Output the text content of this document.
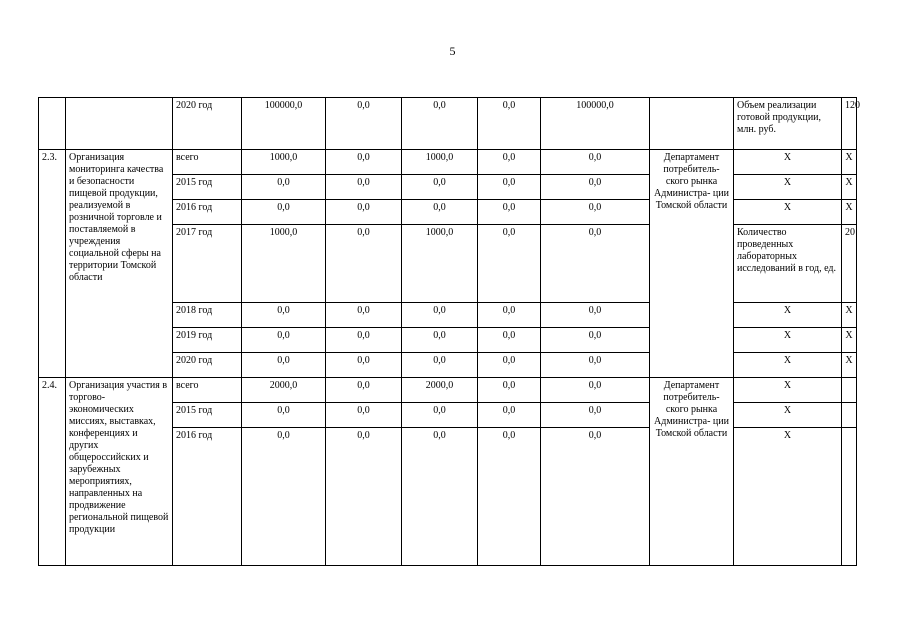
5
		2020 год	100000,0	0,0	0,0	0,0	100000,0		Объем реализации готовой продукции, млн. руб.	120
2.3.	Организация мониторинга качества и безопасности пищевой продукции, реализуемой в розничной торговле и поставляемой в учреждения социальной сферы на территории Томской области	всего	1000,0	0,0	1000,0	0,0	0,0	Департамент потребитель- ского рынка Администра- ции Томской области	Х	Х
		2015 год	0,0	0,0	0,0	0,0	0,0		Х	Х
		2016 год	0,0	0,0	0,0	0,0	0,0		Х	Х
		2017 год	1000,0	0,0	1000,0	0,0	0,0		Количество проведенных лабораторных исследований в год, ед.	20
		2018 год	0,0	0,0	0,0	0,0	0,0		Х	Х
		2019 год	0,0	0,0	0,0	0,0	0,0		Х	Х
		2020 год	0,0	0,0	0,0	0,0	0,0		Х	Х
2.4.	Организация участия в торгово- экономических миссиях, выставках, конференциях и других общероссийских и зарубежных мероприятиях, направленных на продвижение региональной пищевой продукции	всего	2000,0	0,0	2000,0	0,0	0,0	Департамент потребитель- ского рынка Администра- ции Томской области	Х	
		2015 год	0,0	0,0	0,0	0,0	0,0		Х	
		2016 год	0,0	0,0	0,0	0,0	0,0		Х	
